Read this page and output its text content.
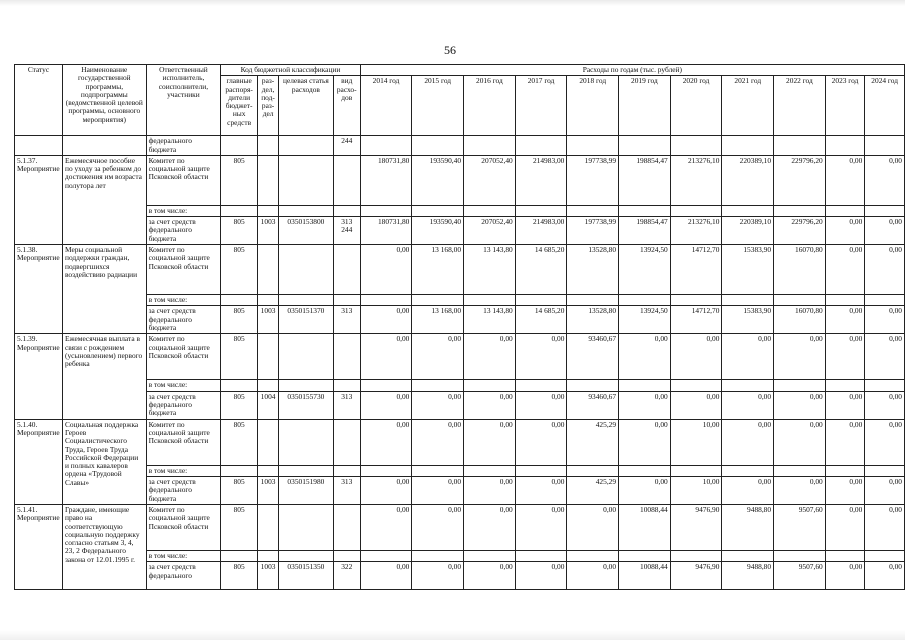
56
Статус	Наименование государственной программы, подпрограммы (ведомственной целевой программы, основного мероприятия)	Ответственный исполнитель, соисполнители, участники	Код бюджетной классификации				Расходы по годам (тыс. рублей)										
			главные распоря-дители бюджет-ных средств	раз-дел, под-раз-дел	целевая статья расходов	вид расхо-дов	2014 год	2015 год	2016 год	2017 год	2018 год	2019 год	2020 год	2021 год	2022 год	2023 год	2024 год
		федерального бюджета				244											
5.1.37. Мероприятие	Ежемесячное пособие по уходу за ребенком до достижения им возраста полутора лет	Комитет по социальной защите Псковской области	805				180731,80	193590,40	207052,40	214983,00	197738,99	198854,47	213276,10	220389,10	229796,20	0,00	0,00
		в том числе:															
		за счет средств федерального бюджета	805	1003	0350153800	313 244	180731,80	193590,40	207052,40	214983,00	197738,99	198854,47	213276,10	220389,10	229796,20	0,00	0,00
5.1.38. Мероприятие	Меры социальной поддержки граждан, подвергшихся воздействию радиации	Комитет по социальной защите Псковской области	805				0,00	13 168,00	13 143,80	14 685,20	13528,80	13924,50	14712,70	15383,90	16070,80	0,00	0,00
		в том числе:															
		за счет средств федерального бюджета	805	1003	0350151370	313	0,00	13 168,00	13 143,80	14 685,20	13528,80	13924,50	14712,70	15383,90	16070,80	0,00	0,00
5.1.39. Мероприятие	Ежемесячная выплата в связи с рождением (усыновлением) первого ребенка	Комитет по социальной защите Псковской области	805				0,00	0,00	0,00	0,00	93460,67	0,00	0,00	0,00	0,00	0,00	0,00
		в том числе:															
		за счет средств федерального бюджета	805	1004	0350155730	313	0,00	0,00	0,00	0,00	93460,67	0,00	0,00	0,00	0,00	0,00	0,00
5.1.40. Мероприятие	Социальная поддержка Героев Социалистического Труда, Героев Труда Российской Федерации и полных кавалеров ордена «Трудовой Славы»	Комитет по социальной защите Псковской области	805				0,00	0,00	0,00	0,00	425,29	0,00	10,00	0,00	0,00	0,00	0,00
		в том числе:															
		за счет средств федерального бюджета	805	1003	0350151980	313	0,00	0,00	0,00	0,00	425,29	0,00	10,00	0,00	0,00	0,00	0,00
5.1.41. Мероприятие	Граждане, имеющие право на соответствующую социальную поддержку согласно статьям 3, 4, 23, 2 Федерального закона от 12.01.1995 г.	Комитет по социальной защите Псковской области	805				0,00	0,00	0,00	0,00	0,00	10088,44	9476,90	9488,80	9507,60	0,00	0,00
		в том числе:															
		за счет средств федерального	805	1003	0350151350	322	0,00	0,00	0,00	0,00	0,00	10088,44	9476,90	9488,80	9507,60	0,00	0,00
